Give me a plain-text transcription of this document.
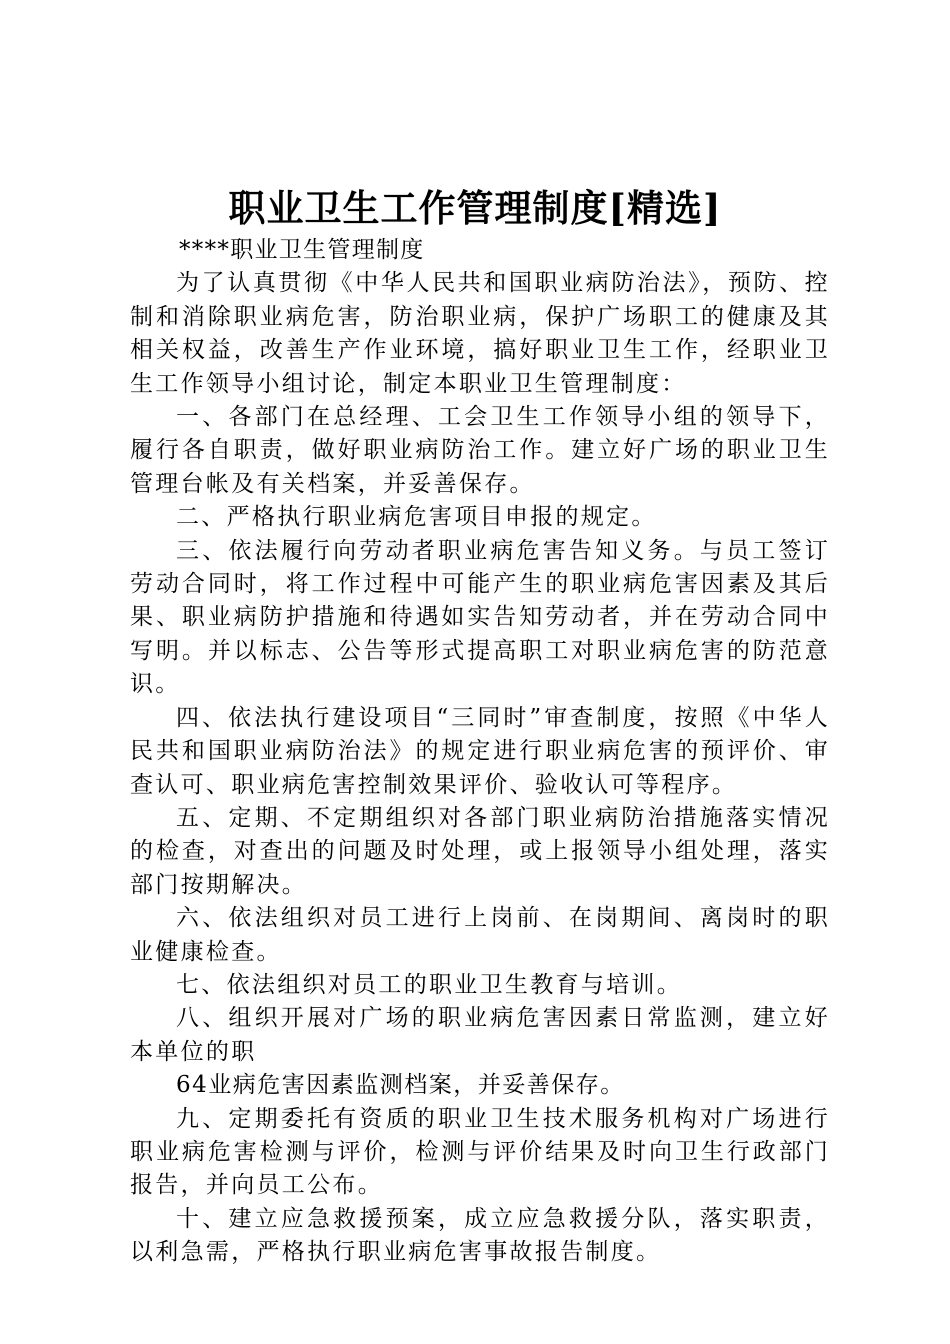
职业卫生工作管理制度[精选]

****职业卫生管理制度

为了认真贯彻《中华人民共和国职业病防治法》，预防、控制和消除职业病危害，防治职业病，保护广场职工的健康及其相关权益，改善生产作业环境，搞好职业卫生工作，经职业卫生工作领导小组讨论，制定本职业卫生管理制度：

一、各部门在总经理、工会卫生工作领导小组的领导下，履行各自职责，做好职业病防治工作。建立好广场的职业卫生管理台帐及有关档案，并妥善保存。

二、严格执行职业病危害项目申报的规定。

三、依法履行向劳动者职业病危害告知义务。与员工签订劳动合同时，将工作过程中可能产生的职业病危害因素及其后果、职业病防护措施和待遇如实告知劳动者，并在劳动合同中写明。并以标志、公告等形式提高职工对职业病危害的防范意识。

四、依法执行建设项目“三同时”审查制度，按照《中华人民共和国职业病防治法》的规定进行职业病危害的预评价、审查认可、职业病危害控制效果评价、验收认可等程序。

五、定期、不定期组织对各部门职业病防治措施落实情况的检查，对查出的问题及时处理，或上报领导小组处理，落实部门按期解决。

六、依法组织对员工进行上岗前、在岗期间、离岗时的职业健康检查。

七、依法组织对员工的职业卫生教育与培训。

八、组织开展对广场的职业病危害因素日常监测，建立好本单位的职

64业病危害因素监测档案，并妥善保存。

九、定期委托有资质的职业卫生技术服务机构对广场进行职业病危害检测与评价，检测与评价结果及时向卫生行政部门报告，并向员工公布。

十、建立应急救援预案，成立应急救援分队，落实职责，以利急需，严格执行职业病危害事故报告制度。
